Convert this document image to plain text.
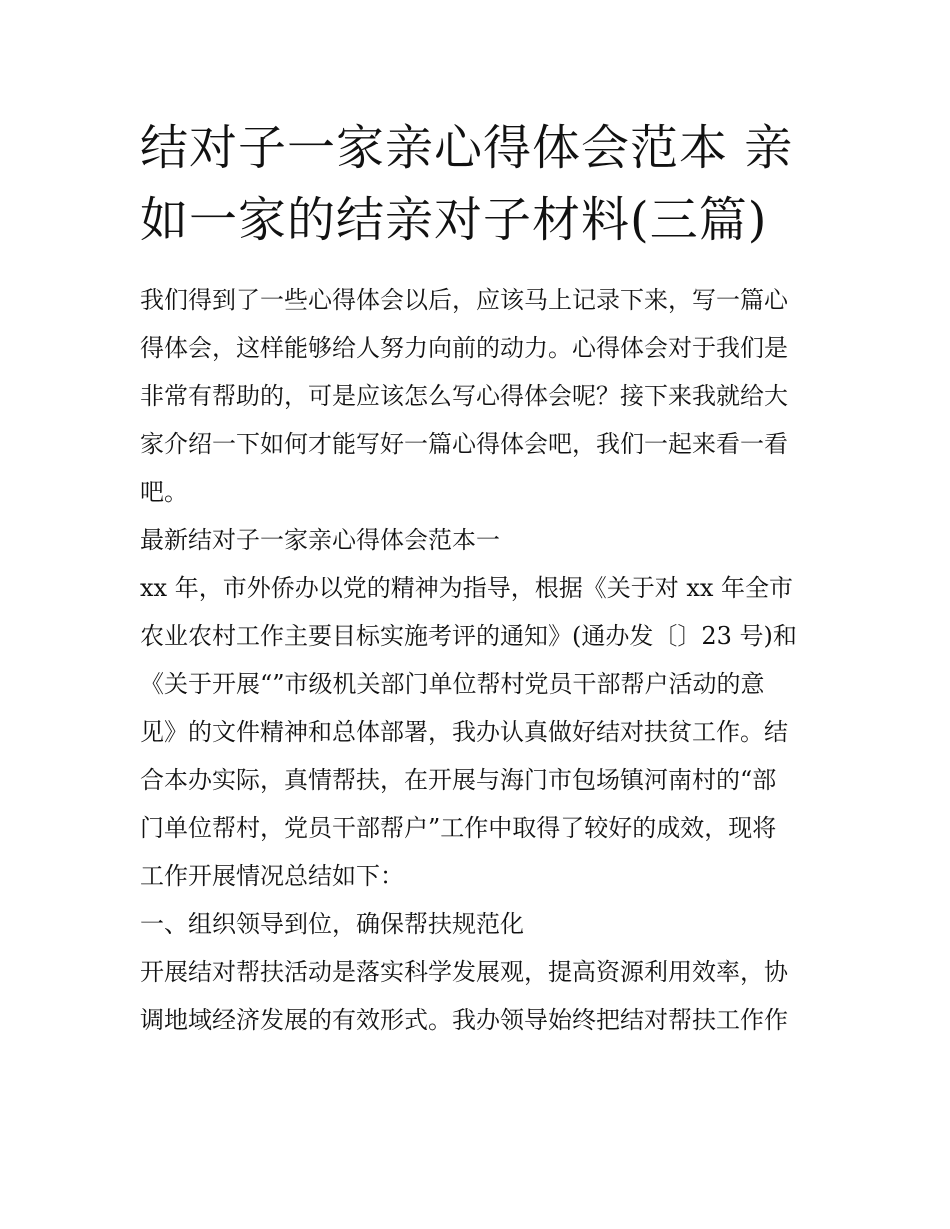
结对子一家亲心得体会范本 亲
如一家的结亲对子材料(三篇)
我们得到了一些心得体会以后，应该马上记录下来，写一篇心
得体会，这样能够给人努力向前的动力。心得体会对于我们是
非常有帮助的，可是应该怎么写心得体会呢？接下来我就给大
家介绍一下如何才能写好一篇心得体会吧，我们一起来看一看
吧。
最新结对子一家亲心得体会范本一
xx 年，市外侨办以党的精神为指导，根据《关于对 xx 年全市
农业农村工作主要目标实施考评的通知》(通办发〔〕23 号)和
《关于开展“”市级机关部门单位帮村党员干部帮户活动的意
见》的文件精神和总体部署，我办认真做好结对扶贫工作。结
合本办实际，真情帮扶，在开展与海门市包场镇河南村的“部
门单位帮村，党员干部帮户”工作中取得了较好的成效，现将
工作开展情况总结如下：
一、组织领导到位，确保帮扶规范化
开展结对帮扶活动是落实科学发展观，提高资源利用效率，协
调地域经济发展的有效形式。我办领导始终把结对帮扶工作作
